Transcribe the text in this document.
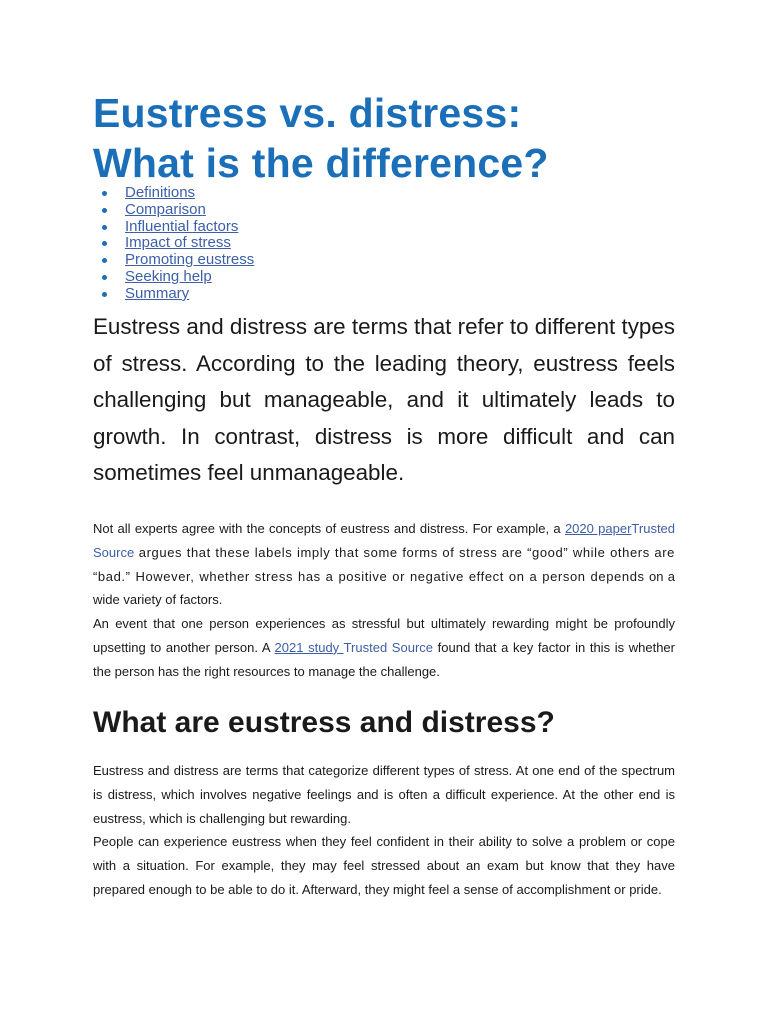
Eustress vs. distress:
What is the difference?
Definitions
Comparison
Influential factors
Impact of stress
Promoting eustress
Seeking help
Summary

Eustress and distress are terms that refer to different types of stress. According to the leading theory, eustress feels challenging but manageable, and it ultimately leads to growth. In contrast, distress is more difficult and can sometimes feel unmanageable.

Not all experts agree with the concepts of eustress and distress. For example, a 2020 paperTrusted Source argues that these labels imply that some forms of stress are “good” while others are “bad.” However, whether stress has a positive or negative effect on a person depends on a wide variety of factors.

An event that one person experiences as stressful but ultimately rewarding might be profoundly upsetting to another person. A 2021 study Trusted Source found that a key factor in this is whether the person has the right resources to manage the challenge.

What are eustress and distress?

Eustress and distress are terms that categorize different types of stress. At one end of the spectrum is distress, which involves negative feelings and is often a difficult experience. At the other end is eustress, which is challenging but rewarding.

People can experience eustress when they feel confident in their ability to solve a problem or cope with a situation. For example, they may feel stressed about an exam but know that they have prepared enough to be able to do it. Afterward, they might feel a sense of accomplishment or pride.
